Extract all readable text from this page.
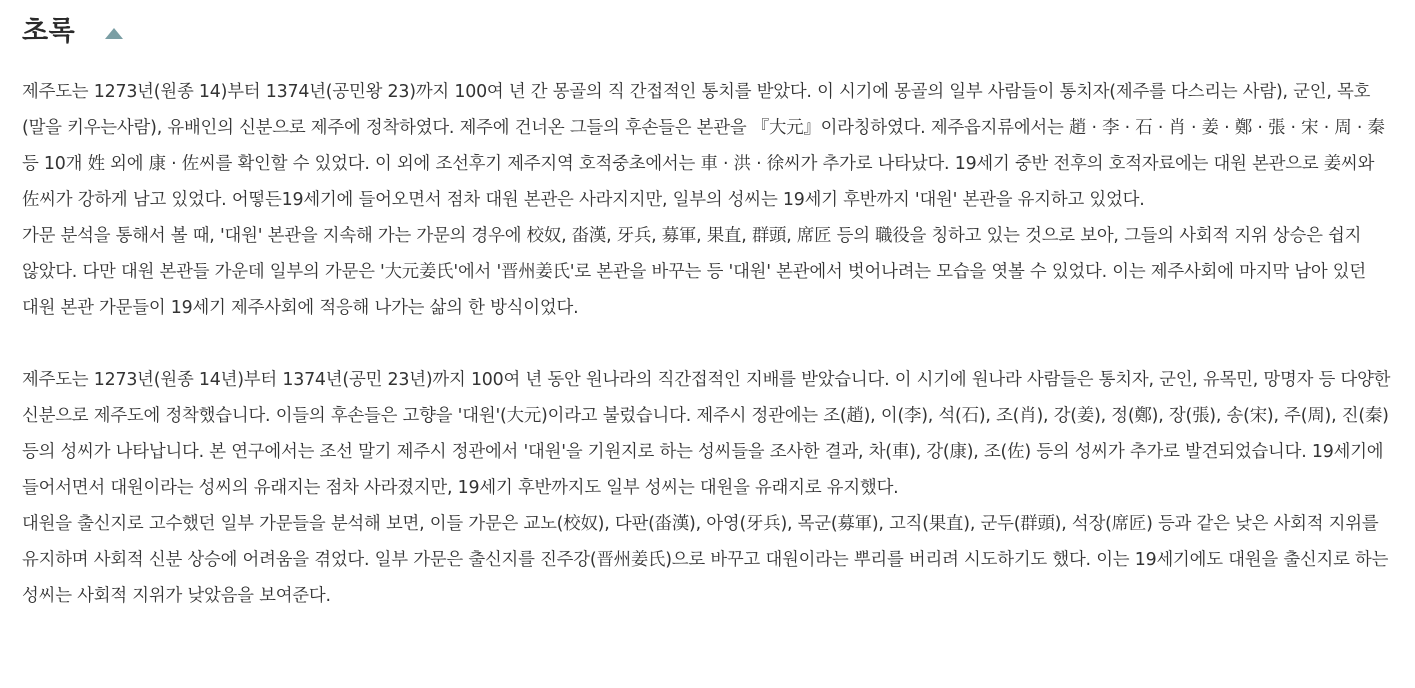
초록

제주도는 1273년(원종 14)부터 1374년(공민왕 23)까지 100여 년 간 몽골의 직 간접적인 통치를 받았다. 이 시기에 몽골의 일부 사람들이 통치자(제주를 다스리는 사람), 군인, 목호(말을 키우는사람), 유배인의 신분으로 제주에 정착하였다. 제주에 건너온 그들의 후손들은 본관을 『大元』이라칭하였다. 제주읍지류에서는 趙 · 李 · 石 · 肖 · 姜 · 鄭 · 張 · 宋 · 周 · 秦 등 10개 姓 외에 康 · 佐씨를 확인할 수 있었다. 이 외에 조선후기 제주지역 호적중초에서는 車 · 洪 · 徐씨가 추가로 나타났다. 19세기 중반 전후의 호적자료에는 대원 본관으로 姜씨와 佐씨가 강하게 남고 있었다. 어떻든19세기에 들어오면서 점차 대원 본관은 사라지지만, 일부의 성씨는 19세기 후반까지 '대원' 본관을 유지하고 있었다.

가문 분석을 통해서 볼 때, '대원' 본관을 지속해 가는 가문의 경우에 校奴, 畓漢, 牙兵, 募軍, 果直, 群頭, 席匠 등의 職役을 칭하고 있는 것으로 보아, 그들의 사회적 지위 상승은 쉽지 않았다. 다만 대원 본관들 가운데 일부의 가문은 '大元姜氏'에서 '晋州姜氏'로 본관을 바꾸는 등 '대원' 본관에서 벗어나려는 모습을 엿볼 수 있었다. 이는 제주사회에 마지막 남아 있던 대원 본관 가문들이 19세기 제주사회에 적응해 나가는 삶의 한 방식이었다.

제주도는 1273년(원종 14년)부터 1374년(공민 23년)까지 100여 년 동안 원나라의 직간접적인 지배를 받았습니다. 이 시기에 원나라 사람들은 통치자, 군인, 유목민, 망명자 등 다양한 신분으로 제주도에 정착했습니다. 이들의 후손들은 고향을 '대원'(大元)이라고 불렀습니다. 제주시 정관에는 조(趙), 이(李), 석(石), 조(肖), 강(姜), 정(鄭), 장(張), 송(宋), 주(周), 진(秦) 등의 성씨가 나타납니다. 본 연구에서는 조선 말기 제주시 정관에서 '대원'을 기원지로 하는 성씨들을 조사한 결과, 차(車), 강(康), 조(佐) 등의 성씨가 추가로 발견되었습니다. 19세기에 들어서면서 대원이라는 성씨의 유래지는 점차 사라졌지만, 19세기 후반까지도 일부 성씨는 대원을 유래지로 유지했다.

대원을 출신지로 고수했던 일부 가문들을 분석해 보면, 이들 가문은 교노(校奴), 다판(畓漢), 아영(牙兵), 목군(募軍), 고직(果直), 군두(群頭), 석장(席匠) 등과 같은 낮은 사회적 지위를 유지하며 사회적 신분 상승에 어려움을 겪었다. 일부 가문은 출신지를 진주강(晋州姜氏)으로 바꾸고 대원이라는 뿌리를 버리려 시도하기도 했다. 이는 19세기에도 대원을 출신지로 하는 성씨는 사회적 지위가 낮았음을 보여준다.
